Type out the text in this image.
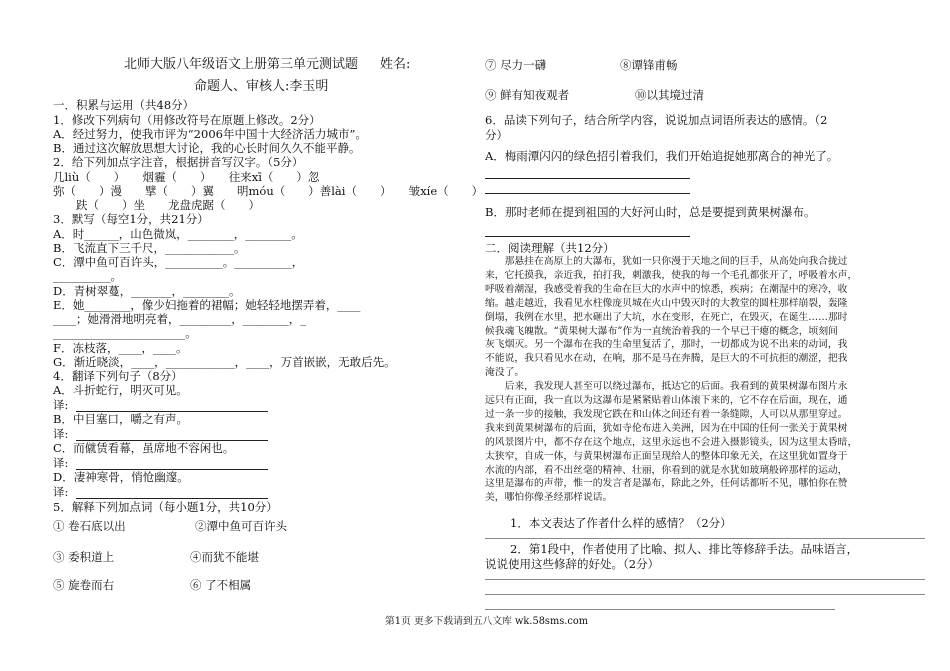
北师大版八年级语文上册第三单元测试题 姓名:
命题人、审核人:李玉明
一．积累与运用（共48分）
1．修改下列病句（用修改符号在原题上修改。2分）
A．经过努力，使我市评为“2006年中国十大经济活力城市”。
B．通过这次解放思想大讨论，我的心长时间久久不能平静。
2．给下列加点字注音，根据拼音写汉字。（5分）
几liù（　　）　　烟霾（　　）　　往来xī（　　）忽
弥（　　）漫　　擘（　　）翼　　明móu（　　）善lài（　　）　　皱xíe（　　）
　　趺（　　）坐　　龙盘虎踞（　　）
3．默写（每空1分，共21分）
A．时______，山色微岚，________，________。
B．飞流直下三千尺，____________。
C．潭中鱼可百许头，__________。__________，
__________。
D．青树翠蔓，_______，________。
E．她________，像少妇拖着的裙幅；她轻轻地摆弄着，____
____；她滑滑地明亮着，_________，________，_
_______________________。
F．冻枝落，____，____。
G．渐近晓淡，____，____________，____，万首嵌嵌，无敢后先。
4．翻译下列句子（8分）
A．斗折蛇行，明灭可见。
译:
B．中目塞口，嚼之有声。
译:
C．而僦赁看幕，虽席地不容闲也。
译:
D．凄神寒骨，悄怆幽邃。
译:
5．解释下列加点词（每小题1分，共10分）
① 卷石底以出	②潭中鱼可百许头
③ 委积道上	④而犹不能堪
⑤ 旋卷而右	⑥ 了不相属
⑦ 尽力一礴	⑧谭锋甫畅
⑨ 鲜有知夜观者	⑩以其境过清
6．品读下列句子，结合所学内容，说说加点词语所表达的感情。（2
分）
A．梅雨潭闪闪的绿色招引着我们，我们开始追捉她那离合的神光了。
B．那时老师在提到祖国的大好河山时，总是要提到黄果树瀑布。
二．阅读理解（共12分）
　　那悬挂在高原上的大瀑布，犹如一只你漫于天地之间的巨手，从高处向我合拢过
来，它托摸我，亲近我，拍打我，刺激我，使我的每一个毛孔都张开了，呼吸着水声，
呼吸着潮湿，我感受着我的生命在巨大的水声中的惊悉，疾病；在潮湿中的寒冷，收
缩。越走越近，我看见水柱像庞贝城在火山中毁灭时的大教堂的圆柱那样崩裂，轰隆
倒塌，我例在水里，把水砸出了大坑，水在变形，在死亡，在毁灭，在诞生……那时
候我魂飞魄散。“黄果树大瀑布”作为一直统治着我的一个早已干瘪的概念，顷刻间
灰飞烟灭。另一个瀑布在我的生命里复活了，那时，一切都成为说不出来的动词，我
不能说，我只看见水在动，在响，那不是马在奔腾，是巨大的不可抗拒的潮涩，把我
淹没了。
　　后来，我发现人甚至可以绕过瀑布，抵达它的后面。我看到的黄果树瀑布图片永
远只有正面，我一直以为这瀑布是紧紧贴着山体滚下来的，它不存在后面，现在，通
过一条一步的接触，我发现它跌在和山体之间还有着一条缝隙，人可以从那里穿过。
我来到黄果树瀑布的后面，犹如寺伦布进入美洲，因为在中国的任何一张关于黄果树
的风景图片中，都不存在这个地点，这里永远也不会进入摄影镜头，因为这里太昏暗，
太狭窄，自成一体，与黄果树瀑布正面呈现给人的整体印象无关，在这里犹如置身于
水流的内部，看不出丝毫的精神、壮丽，你看到的就是水犹如玻璃般碎那样的运动，
这里是瀑布的声带，惟一的发言者是瀑布，除此之外，任何话都听不见，哪怕你在赞
美，哪怕你像圣经那样说话。
1．本文表达了作者什么样的感情？（2分）
2．第1段中，作者使用了比喻、拟人、排比等修辞手法。品味语言，
说说使用这些修辞的好处。（2分）
第1页 更多下载请到五八文库 wk.58sms.com
